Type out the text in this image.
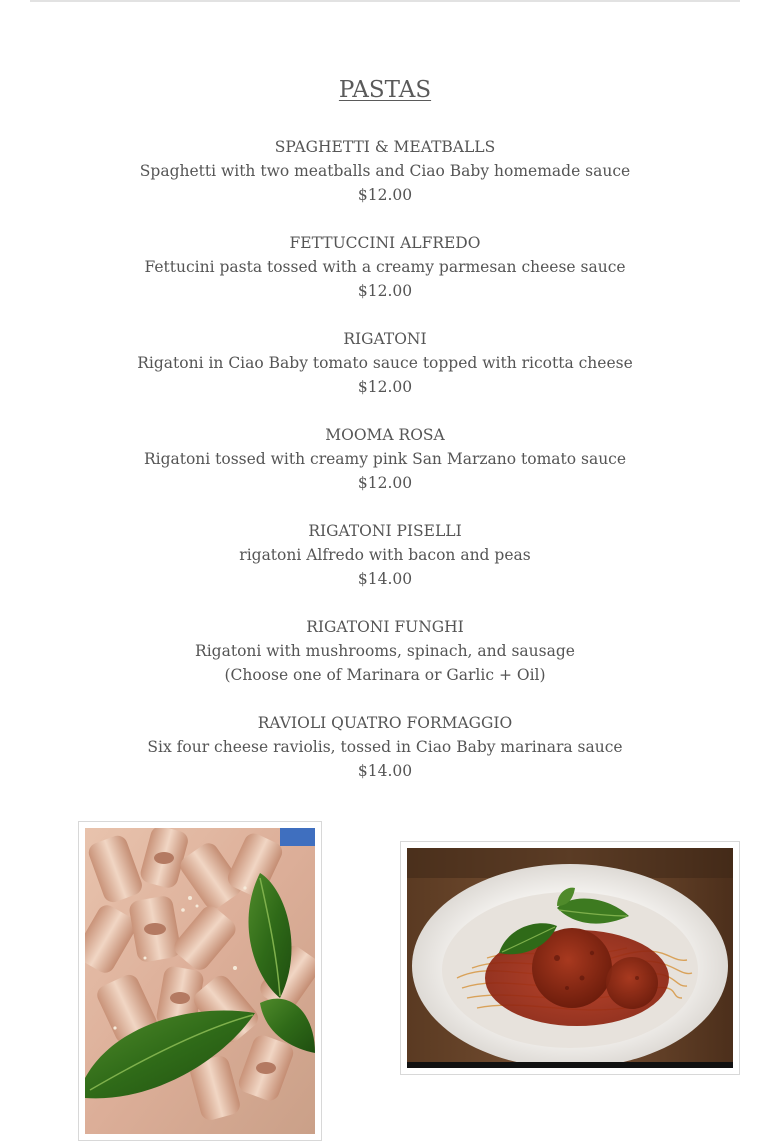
PASTAS
SPAGHETTI & MEATBALLS
Spaghetti with two meatballs and Ciao Baby homemade sauce
$12.00
FETTUCCINI ALFREDO
Fettucini pasta tossed with a creamy parmesan cheese sauce
$12.00
RIGATONI
Rigatoni in Ciao Baby tomato sauce topped with ricotta cheese
$12.00
MOOMA ROSA
Rigatoni tossed with creamy pink San Marzano tomato sauce
$12.00
RIGATONI PISELLI
rigatoni Alfredo with bacon and peas
$14.00
RIGATONI FUNGHI
Rigatoni with mushrooms, spinach, and sausage
(Choose one of Marinara or Garlic + Oil)
RAVIOLI QUATRO FORMAGGIO
Six four cheese raviolis, tossed in Ciao Baby marinara sauce
$14.00
